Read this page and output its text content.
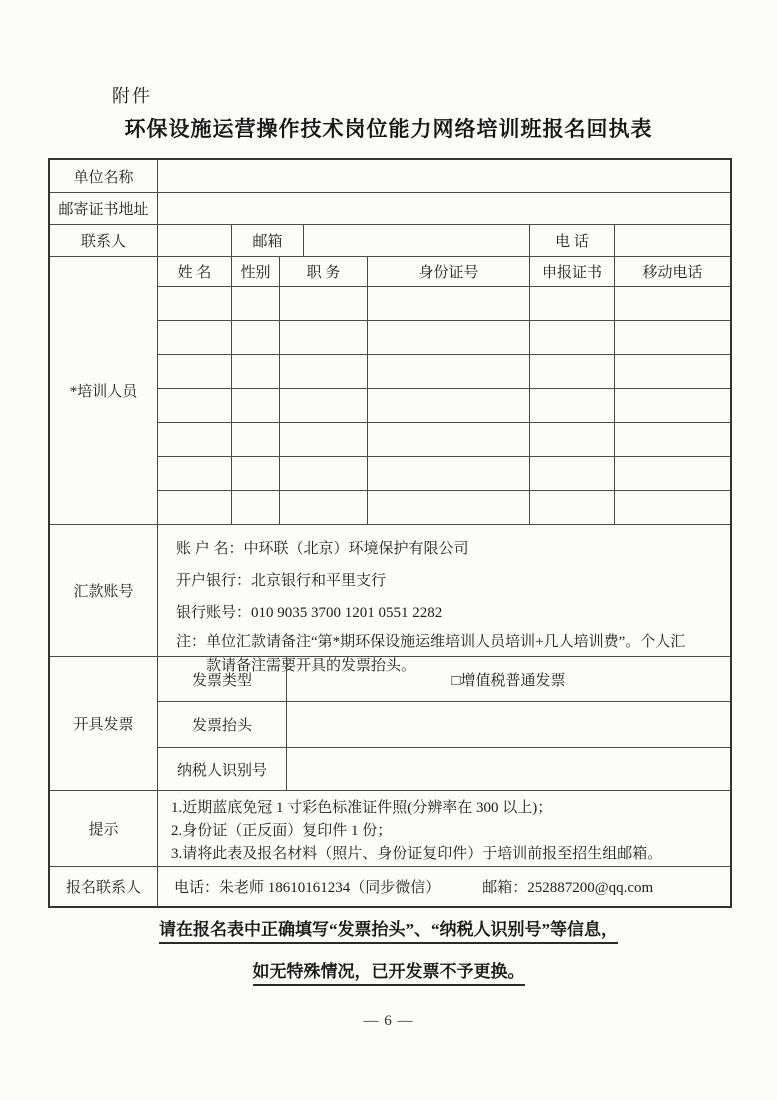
附件
环保设施运营操作技术岗位能力网络培训班报名回执表
单位名称
邮寄证书地址
联系人	邮箱	电 话
*培训人员
姓 名	性别	职 务	身份证号	申报证书	移动电话
汇款账号
账 户 名：中环联（北京）环境保护有限公司
开户银行：北京银行和平里支行
银行账号：010 9035 3700 1201 0551 2282
注：单位汇款请备注“第*期环保设施运维培训人员培训+几人培训费”。个人汇
款请备注需要开具的发票抬头。
开具发票
发票类型	□增值税普通发票
发票抬头
纳税人识别号
提示
1.近期蓝底免冠 1 寸彩色标准证件照(分辨率在 300 以上)；
2.身份证（正反面）复印件 1 份；
3.请将此表及报名材料（照片、身份证复印件）于培训前报至招生组邮箱。
报名联系人	电话：朱老师 18610161234（同步微信）	邮箱：252887200@qq.com
请在报名表中正确填写“发票抬头”、“纳税人识别号”等信息，
如无特殊情况，已开发票不予更换。
— 6 —
